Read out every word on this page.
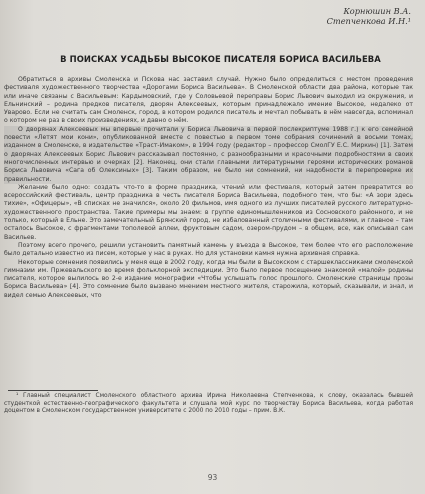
Корнюшин В.А.
Степченкова И.Н.¹
В ПОИСКАХ УСАДЬБЫ ВЫСОКОЕ ПИСАТЕЛЯ БОРИСА ВАСИЛЬЕВА

Обратиться в архивы Смоленска и Пскова нас заставил случай. Нужно было определиться с местом проведения фестиваля художественного творчества «Дорогами Бориса Васильева». В Смоленской области два района, которые так или иначе связаны с Васильевым: Кардымовский, где у Соловьевой переправы Борис Львович выходил из окружения, и Ельнинский – родина предков писателя, дворян Алексеевых, которым принадлежало имение Высокое, недалеко от Уварово. Если не считать сам Смоленск, город, в котором родился писатель и мечтал побывать в нём навсегда, вспоминал о котором не раз в своих произведениях, и давно о нём.

О дворянах Алексеевых мы впервые прочитали у Бориса Львовича в первой послекриптуме 1988 г.) к его семейной повести «Летят мои кони», опубликованной вместе с повестью в первом томе собрания сочинений в восьми томах, изданном в Смоленске, в издательстве «Траст-Имаком», в 1994 году (редактор – профессор СмолГУ Е.С. Миркин) [1]. Затем о дворянах Алексеевых Борис Львович рассказывал постоянно, с разнообразными и красочными подробностями в своих многочисленных интервью и очерках [2]. Наконец, они стали главными литературными героями исторических романов Бориса Львовича «Сага об Олексиных» [3]. Таким образом, не было ни сомнений, ни надобности в перепроверке их правильности.

Желание было одно: создать что-то в форме праздника, чтений или фестиваля, который затем превратится во всероссийский фестиваль, центр праздника в честь писателя Бориса Васильева, подобного тем, что бы: «А зори здесь тихие», «Офицеры», «В списках не значился», около 20 фильмов, имя одного из лучших писателей русского литературно-художественного пространства. Такие примеры мы знаем: в группе единомышленников из Сосновского районного, и не только, который в Ельне. Это замечательный Брянский город, не избалованный столичными фестивалями, и главное – там осталось Высокое, с фрагментами тополевой аллеи, фруктовым садом, озером-прудом – в общем, все, как описывал сам Васильев.

Поэтому всего прочего, решили установить памятный камень у въезда в Высокое, тем более что его расположение было детально известно из писем, которые у нас в руках. Но для установки камня нужна архивная справка.

Некоторые сомнения появились у меня еще в 2002 году, когда мы были в Высокском с старшеклассниками смоленской гимназии им. Пржевальского во время фольклорной экспедиции. Это было первое посещение знакомой «малой» родины писателя, которое вылилось во 2-е издание монографии «Чтобы услышать голос прошлого. Смоленские страницы прозы Бориса Васильева» [4]. Это сомнение было вызвано мнением местного жителя, старожила, который, сказывали, и знал, и видел семью Алексеевых, что

¹ Главный специалист Смоленского областного архива Ирина Николаевна Степченкова, к слову, оказалась бывшей студенткой естественно-географического факультета и слушала мой курс по творчеству Бориса Васильева, когда работая доцентом в Смоленском государственном университете с 2000 по 2010 годы – прим. В.К.
93
